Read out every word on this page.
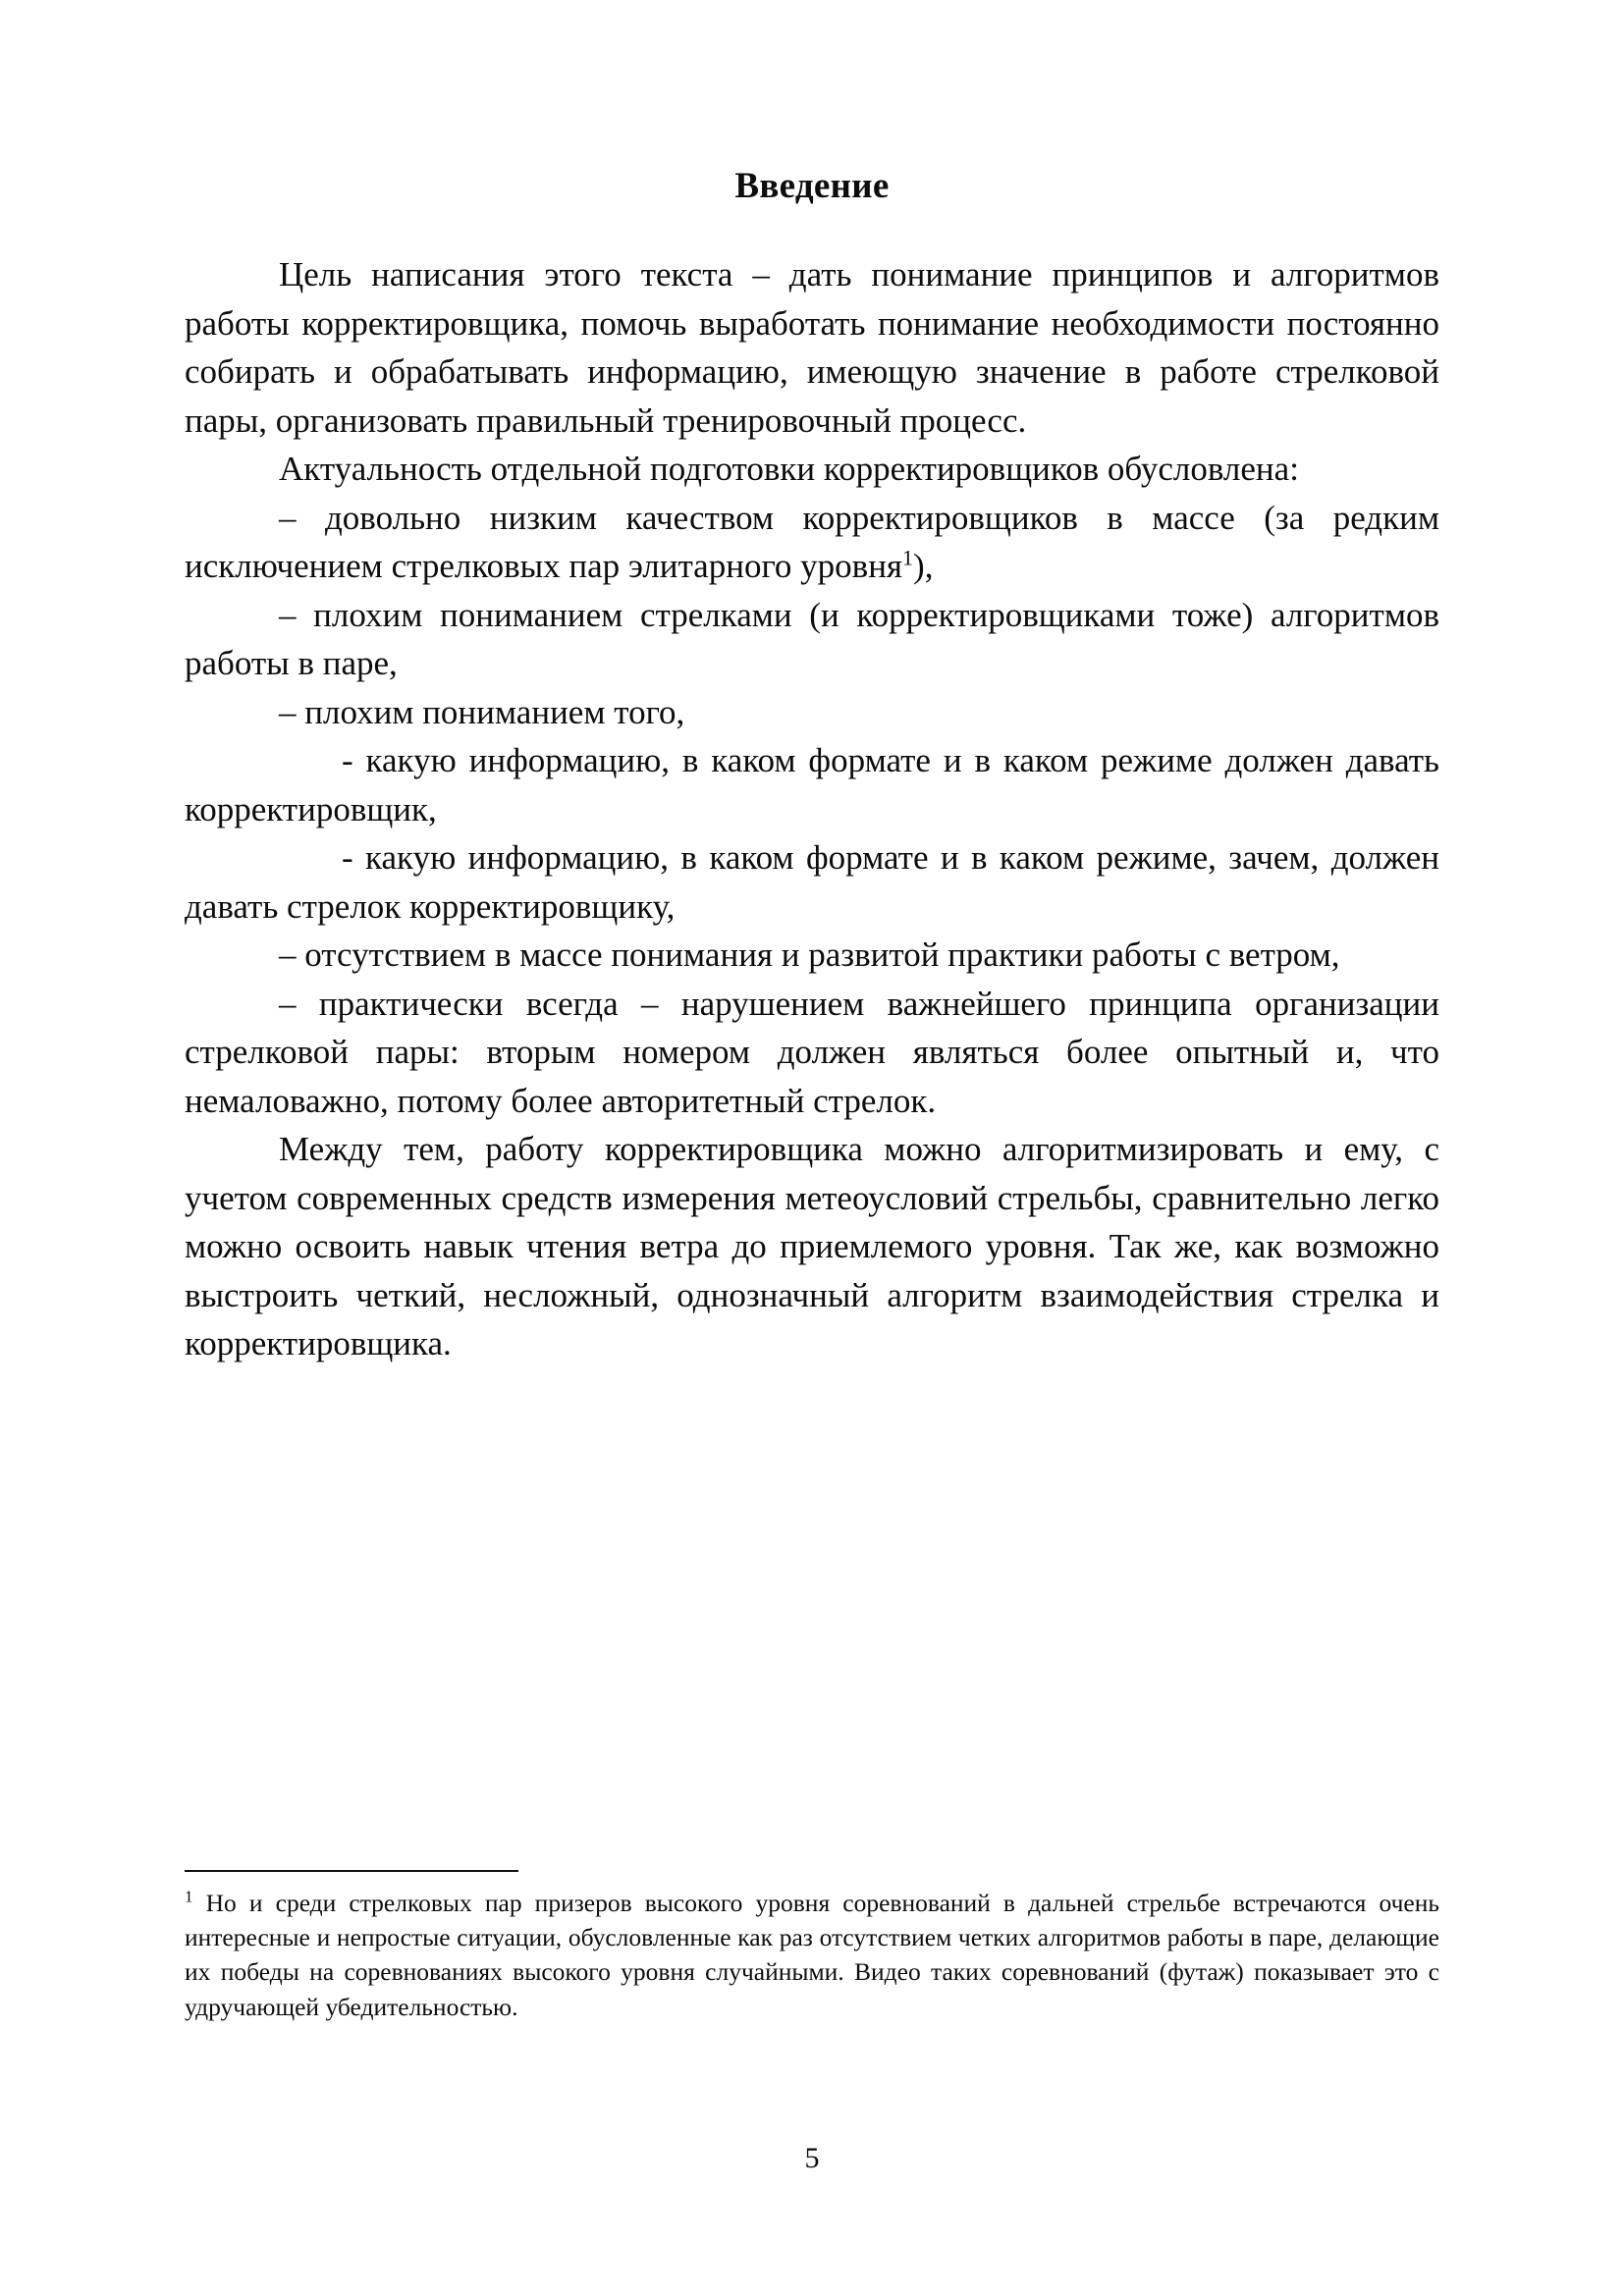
Введение

Цель написания этого текста – дать понимание принципов и алгоритмов работы корректировщика, помочь выработать понимание необходимости постоянно собирать и обрабатывать информацию, имеющую значение в работе стрелковой пары, организовать правильный тренировочный процесс.

Актуальность отдельной подготовки корректировщиков обусловлена:

– довольно низким качеством корректировщиков в массе (за редким исключением стрелковых пар элитарного уровня$^1$),

– плохим пониманием стрелками (и корректировщиками тоже) алгоритмов работы в паре,

– плохим пониманием того,

- какую информацию, в каком формате и в каком режиме должен давать корректировщик,

- какую информацию, в каком формате и в каком режиме, зачем, должен давать стрелок корректировщику,

– отсутствием в массе понимания и развитой практики работы с ветром,

– практически всегда – нарушением важнейшего принципа организации стрелковой пары: вторым номером должен являться более опытный и, что немаловажно, потому более авторитетный стрелок.

Между тем, работу корректировщика можно алгоритмизировать и ему, с учетом современных средств измерения метеоусловий стрельбы, сравнительно легко можно освоить навык чтения ветра до приемлемого уровня. Так же, как возможно выстроить четкий, несложный, однозначный алгоритм взаимодействия стрелка и корректировщика.

$^1$ Но и среди стрелковых пар призеров высокого уровня соревнований в дальней стрельбе встречаются очень интересные и непростые ситуации, обусловленные как раз отсутствием четких алгоритмов работы в паре, делающие их победы на соревнованиях высокого уровня случайными. Видео таких соревнований (футаж) показывает это с удручающей убедительностью.

5
